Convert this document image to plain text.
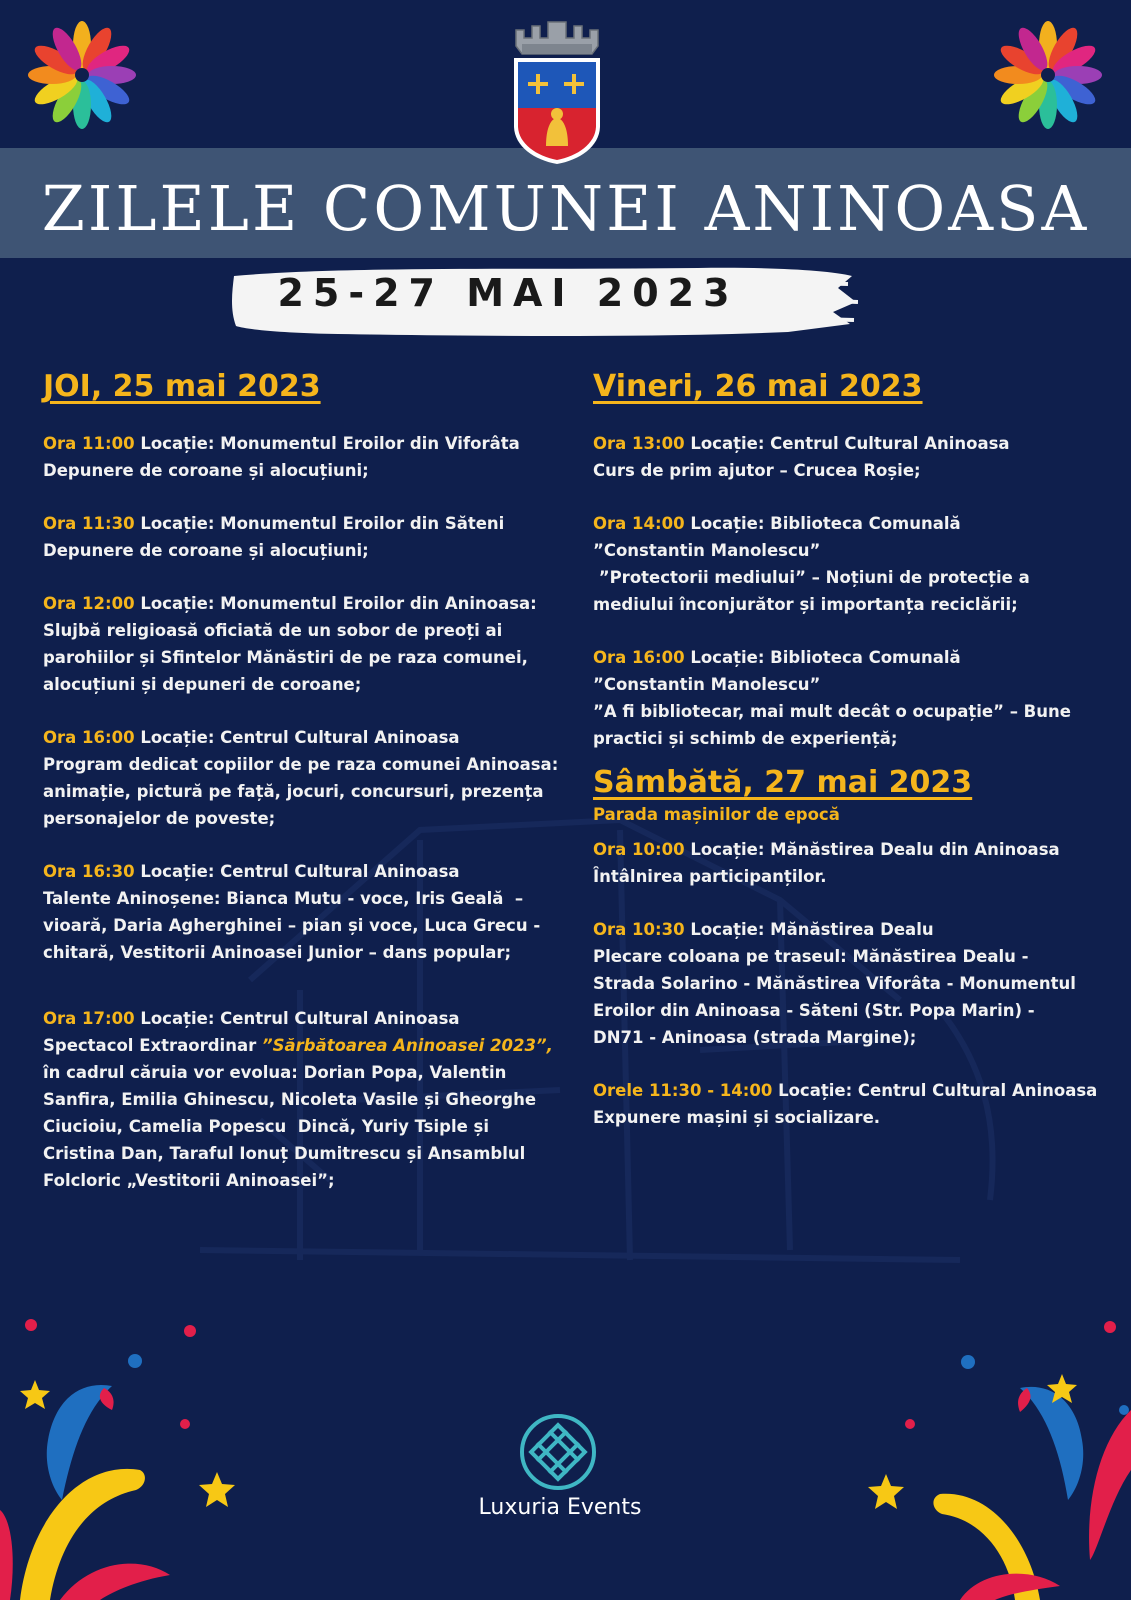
ZILELE COMUNEI ANINOASA
25-27 MAI 2023
JOI, 25 mai 2023
Ora 11:00 Locație: Monumentul Eroilor din Viforâta
Depunere de coroane și alocuțiuni;
Ora 11:30 Locație: Monumentul Eroilor din Săteni
Depunere de coroane și alocuțiuni;
Ora 12:00 Locație: Monumentul Eroilor din Aninoasa:
Slujbă religioasă oficiată de un sobor de preoți ai
parohiilor și Sfintelor Mănăstiri de pe raza comunei,
alocuțiuni și depuneri de coroane;
Ora 16:00 Locație: Centrul Cultural Aninoasa
Program dedicat copiilor de pe raza comunei Aninoasa:
animație, pictură pe față, jocuri, concursuri, prezența
personajelor de poveste;
Ora 16:30 Locație: Centrul Cultural Aninoasa
Talente Aninoșene: Bianca Mutu - voce, Iris Geală  –
vioară, Daria Agherghinei – pian și voce, Luca Grecu -
chitară, Vestitorii Aninoasei Junior – dans popular;
Ora 17:00 Locație: Centrul Cultural Aninoasa
Spectacol Extraordinar ”Sărbătoarea Aninoasei 2023”,
în cadrul căruia vor evolua: Dorian Popa, Valentin
Sanfira, Emilia Ghinescu, Nicoleta Vasile și Gheorghe
Ciucioiu, Camelia Popescu  Dincă, Yuriy Tsiple și
Cristina Dan, Taraful Ionuț Dumitrescu și Ansamblul
Folcloric „Vestitorii Aninoasei”;
Vineri, 26 mai 2023
Ora 13:00 Locație: Centrul Cultural Aninoasa
Curs de prim ajutor – Crucea Roșie;
Ora 14:00 Locație: Biblioteca Comunală
”Constantin Manolescu”
”Protectorii mediului” – Noțiuni de protecție a
mediului înconjurător și importanța reciclării;
Ora 16:00 Locație: Biblioteca Comunală
”Constantin Manolescu”
”A fi bibliotecar, mai mult decât o ocupație” – Bune
practici și schimb de experiență;
Sâmbătă, 27 mai 2023
Parada mașinilor de epocă
Ora 10:00 Locație: Mănăstirea Dealu din Aninoasa
Întâlnirea participanților.
Ora 10:30 Locație: Mănăstirea Dealu
Plecare coloana pe traseul: Mănăstirea Dealu -
Strada Solarino - Mănăstirea Viforâta - Monumentul
Eroilor din Aninoasa - Săteni (Str. Popa Marin) -
DN71 - Aninoasa (strada Margine);
Orele 11:30 - 14:00 Locație: Centrul Cultural Aninoasa
Expunere mașini și socializare.
Luxuria Events
